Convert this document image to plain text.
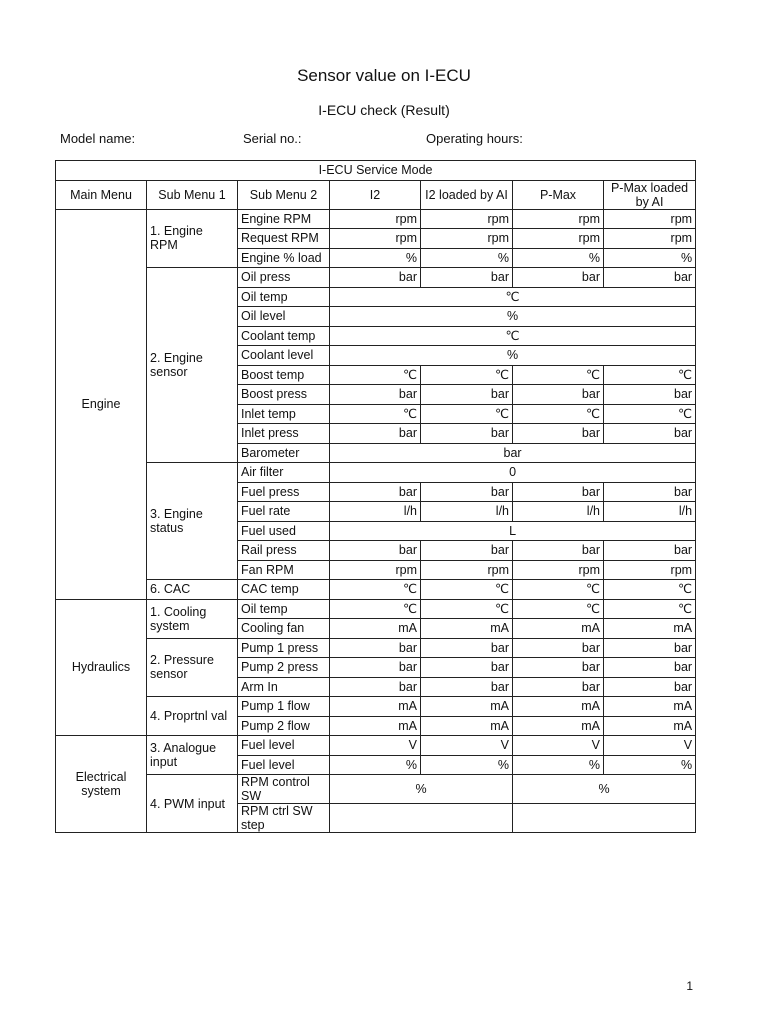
Sensor value on I-ECU
I-ECU check (Result)
Model name:	Serial no.:	Operating hours:
I-ECU Service Mode						
Main Menu	Sub Menu 1	Sub Menu 2	I2	I2 loaded by AI	P-Max	P-Max loaded by AI
Engine	1. Engine RPM	Engine RPM	rpm	rpm	rpm	rpm
		Request RPM	rpm	rpm	rpm	rpm
		Engine % load	%	%	%	%
	2. Engine sensor	Oil press	bar	bar	bar	bar
		Oil temp	℃			
		Oil level	%			
		Coolant temp	℃			
		Coolant level	%			
		Boost temp	℃	℃	℃	℃
		Boost press	bar	bar	bar	bar
		Inlet temp	℃	℃	℃	℃
		Inlet press	bar	bar	bar	bar
		Barometer	bar			
	3. Engine status	Air filter	0			
		Fuel press	bar	bar	bar	bar
		Fuel rate	l/h	l/h	l/h	l/h
		Fuel used	L			
		Rail press	bar	bar	bar	bar
		Fan RPM	rpm	rpm	rpm	rpm
	6. CAC	CAC temp	℃	℃	℃	℃
Hydraulics	1. Cooling system	Oil temp	℃	℃	℃	℃
		Cooling fan	mA	mA	mA	mA
	2. Pressure sensor	Pump 1 press	bar	bar	bar	bar
		Pump 2 press	bar	bar	bar	bar
		Arm In	bar	bar	bar	bar
	4. Proprtnl val	Pump 1 flow	mA	mA	mA	mA
		Pump 2 flow	mA	mA	mA	mA
Electrical system	3. Analogue input	Fuel level	V	V	V	V
		Fuel level	%	%	%	%
	4. PWM input	RPM control SW	%		%	
		RPM ctrl SW step				
1
